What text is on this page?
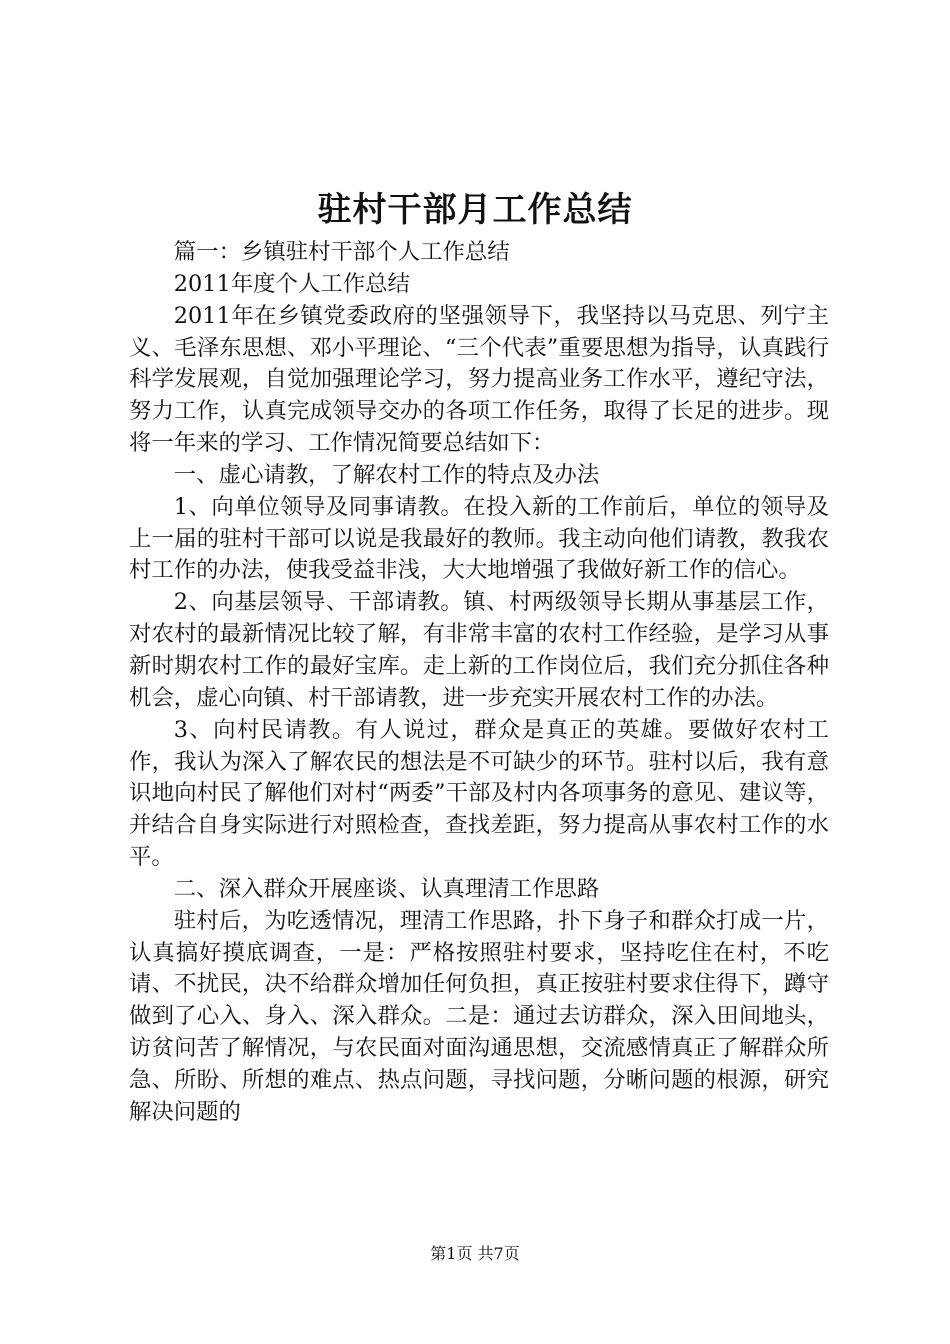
驻村干部月工作总结

篇一：乡镇驻村干部个人工作总结

2011年度个人工作总结

2011年在乡镇党委政府的坚强领导下，我坚持以马克思、列宁主义、毛泽东思想、邓小平理论、“三个代表”重要思想为指导，认真践行科学发展观，自觉加强理论学习，努力提高业务工作水平，遵纪守法，努力工作，认真完成领导交办的各项工作任务，取得了长足的进步。现将一年来的学习、工作情况简要总结如下：

一、虚心请教，了解农村工作的特点及办法

1、向单位领导及同事请教。在投入新的工作前后，单位的领导及上一届的驻村干部可以说是我最好的教师。我主动向他们请教，教我农村工作的办法，使我受益非浅，大大地增强了我做好新工作的信心。

2、向基层领导、干部请教。镇、村两级领导长期从事基层工作，对农村的最新情况比较了解，有非常丰富的农村工作经验，是学习从事新时期农村工作的最好宝库。走上新的工作岗位后，我们充分抓住各种机会，虚心向镇、村干部请教，进一步充实开展农村工作的办法。

3、向村民请教。有人说过，群众是真正的英雄。要做好农村工作，我认为深入了解农民的想法是不可缺少的环节。驻村以后，我有意识地向村民了解他们对村“两委”干部及村内各项事务的意见、建议等，并结合自身实际进行对照检查，查找差距，努力提高从事农村工作的水平。

二、深入群众开展座谈、认真理清工作思路

驻村后，为吃透情况，理清工作思路，扑下身子和群众打成一片，认真搞好摸底调查，一是：严格按照驻村要求，坚持吃住在村，不吃请、不扰民，决不给群众增加任何负担，真正按驻村要求住得下，蹲守做到了心入、身入、深入群众。二是：通过去访群众，深入田间地头，访贫问苦了解情况，与农民面对面沟通思想，交流感情真正了解群众所急、所盼、所想的难点、热点问题，寻找问题，分晰问题的根源，研究解决问题的

第1页 共7页
